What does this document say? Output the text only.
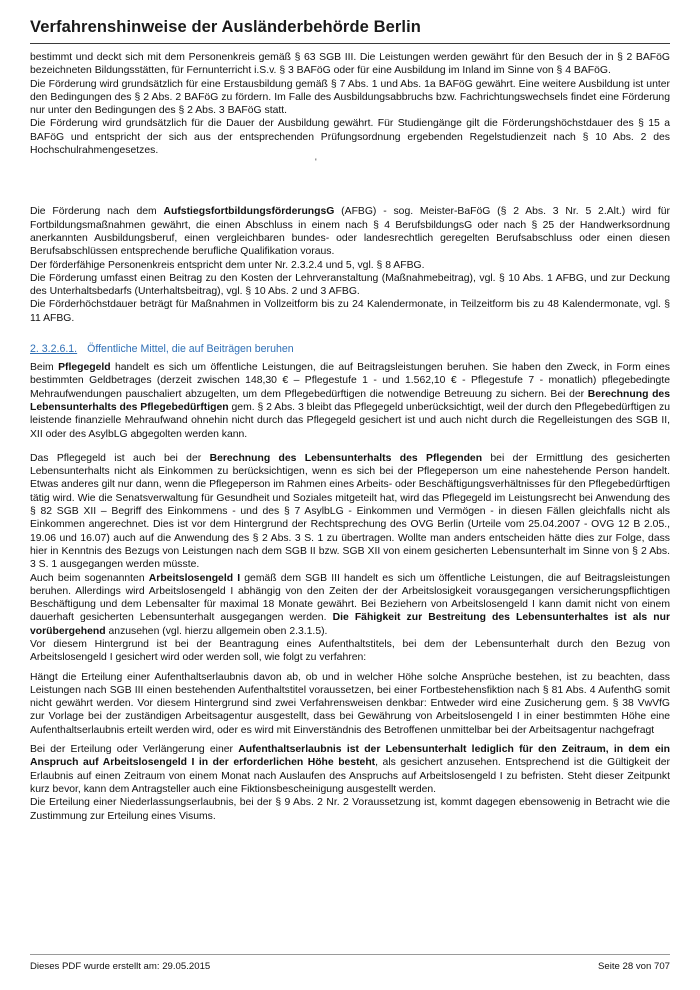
Verfahrenshinweise der Ausländerbehörde Berlin

bestimmt und deckt sich mit dem Personenkreis gemäß § 63 SGB III. Die Leistungen werden gewährt für den Besuch der in § 2 BAFöG bezeichneten Bildungsstätten, für Fernunterricht i.S.v. § 3 BAFöG oder für eine Ausbildung im Inland im Sinne von § 4 BAFöG.

Die Förderung wird grundsätzlich für eine Erstausbildung gemäß § 7 Abs. 1 und Abs. 1a BAFöG gewährt. Eine weitere Ausbildung ist unter den Bedingungen des § 2 Abs. 2 BAFöG zu fördern. Im Falle des Ausbildungsabbruchs bzw. Fachrichtungswechsels findet eine Förderung nur unter den Bedingungen des § 2 Abs. 3 BAFöG statt.

Die Förderung wird grundsätzlich für die Dauer der Ausbildung gewährt. Für Studiengänge gilt die Förderungshöchstdauer des § 15 a BAFöG und entspricht der sich aus der entsprechenden Prüfungsordnung ergebenden Regelstudienzeit nach § 10 Abs. 2 des Hochschulrahmengesetzes.

'

Die Förderung nach dem AufstiegsfortbildungsförderungsG (AFBG) - sog. Meister-BaFöG (§ 2 Abs. 3 Nr. 5 2.Alt.) wird für Fortbildungsmaßnahmen gewährt, die einen Abschluss in einem nach § 4 BerufsbildungsG oder nach § 25 der Handwerksordnung anerkannten Ausbildungsberuf, einen vergleichbaren bundes- oder landesrechtlich geregelten Berufsabschluss oder einen diesen Berufsabschlüssen entsprechende berufliche Qualifikation voraus.

Der förderfähige Personenkreis entspricht dem unter Nr. 2.3.2.4 und 5, vgl. § 8 AFBG.

Die Förderung umfasst einen Beitrag zu den Kosten der Lehrveranstaltung (Maßnahmebeitrag), vgl. § 10 Abs. 1 AFBG, und zur Deckung des Unterhaltsbedarfs (Unterhaltsbeitrag), vgl. § 10 Abs. 2 und 3 AFBG.

Die Förderhöchstdauer beträgt für Maßnahmen in Vollzeitform bis zu 24 Kalendermonate, in Teilzeitform bis zu 48 Kalendermonate, vgl. § 11 AFBG.

2. 3.2.6.1. Öffentliche Mittel, die auf Beiträgen beruhen

Beim Pflegegeld handelt es sich um öffentliche Leistungen, die auf Beitragsleistungen beruhen. Sie haben den Zweck, in Form eines bestimmten Geldbetrages (derzeit zwischen 148,30 € – Pflegestufe 1 - und 1.562,10 € - Pflegestufe 7 - monatlich) pflegebedingte Mehraufwendungen pauschaliert abzugelten, um dem Pflegebedürftigen die notwendige Betreuung zu sichern. Bei der Berechnung des Lebensunterhalts des Pflegebedürftigen gem. § 2 Abs. 3 bleibt das Pflegegeld unberücksichtigt, weil der durch den Pflegebedürftigen zu leistende finanzielle Mehraufwand ohnehin nicht durch das Pflegegeld gesichert ist und auch nicht durch die Regelleistungen des SGB II, XII oder des AsylbLG abgegolten werden kann.

Das Pflegegeld ist auch bei der Berechnung des Lebensunterhalts des Pflegenden bei der Ermittlung des gesicherten Lebensunterhalts nicht als Einkommen zu berücksichtigen, wenn es sich bei der Pflegeperson um eine nahestehende Person handelt. Etwas anderes gilt nur dann, wenn die Pflegeperson im Rahmen eines Arbeits- oder Beschäftigungsverhältnisses für den Pflegebedürftigen tätig wird. Wie die Senatsverwaltung für Gesundheit und Soziales mitgeteilt hat, wird das Pflegegeld im Leistungsrecht bei Anwendung des § 82 SGB XII – Begriff des Einkommens - und des § 7 AsylbLG - Einkommen und Vermögen - in diesen Fällen gleichfalls nicht als Einkommen angerechnet. Dies ist vor dem Hintergrund der Rechtsprechung des OVG Berlin (Urteile vom 25.04.2007 - OVG 12 B 2.05., 19.06 und 16.07) auch auf die Anwendung des § 2 Abs. 3 S. 1 zu übertragen. Wollte man anders entscheiden hätte dies zur Folge, dass hier in Kenntnis des Bezugs von Leistungen nach dem SGB II bzw. SGB XII von einem gesicherten Lebensunterhalt im Sinne von § 2 Abs. 3 S. 1 ausgegangen werden müsste.

Auch beim sogenannten Arbeitslosengeld I gemäß dem SGB III handelt es sich um öffentliche Leistungen, die auf Beitragsleistungen beruhen. Allerdings wird Arbeitslosengeld I abhängig von den Zeiten der der Arbeitslosigkeit vorausgegangen versicherungspflichtigen Beschäftigung und dem Lebensalter für maximal 18 Monate gewährt. Bei Beziehern von Arbeitslosengeld I kann damit nicht von einem dauerhaft gesicherten Lebensunterhalt ausgegangen werden. Die Fähigkeit zur Bestreitung des Lebensunterhaltes ist als nur vorübergehend anzusehen (vgl. hierzu allgemein oben 2.3.1.5).

Vor diesem Hintergrund ist bei der Beantragung eines Aufenthaltstitels, bei dem der Lebensunterhalt durch den Bezug von Arbeitslosengeld I gesichert wird oder werden soll, wie folgt zu verfahren:

Hängt die Erteilung einer Aufenthaltserlaubnis davon ab, ob und in welcher Höhe solche Ansprüche bestehen, ist zu beachten, dass Leistungen nach SGB III einen bestehenden Aufenthaltstitel voraussetzen, bei einer Fortbestehensfiktion nach § 81 Abs. 4 AufenthG somit nicht gewährt werden. Vor diesem Hintergrund sind zwei Verfahrensweisen denkbar: Entweder wird eine Zusicherung gem. § 38 VwVfG zur Vorlage bei der zuständigen Arbeitsagentur ausgestellt, dass bei Gewährung von Arbeitslosengeld I in einer bestimmten Höhe eine Aufenthaltserlaubnis erteilt werden wird, oder es wird mit Einverständnis des Betroffenen unmittelbar bei der Arbeitsagentur nachgefragt

Bei der Erteilung oder Verlängerung einer Aufenthaltserlaubnis ist der Lebensunterhalt lediglich für den Zeitraum, in dem ein Anspruch auf Arbeitslosengeld I in der erforderlichen Höhe besteht, als gesichert anzusehen. Entsprechend ist die Gültigkeit der Erlaubnis auf einen Zeitraum von einem Monat nach Auslaufen des Anspruchs auf Arbeitslosengeld I zu befristen. Steht dieser Zeitpunkt kurz bevor, kann dem Antragsteller auch eine Fiktionsbescheinigung ausgestellt werden.

Die Erteilung einer Niederlassungserlaubnis, bei der § 9 Abs. 2 Nr. 2 Voraussetzung ist, kommt dagegen ebensowenig in Betracht wie die Zustimmung zur Erteilung eines Visums.

Dieses PDF wurde erstellt am: 29.05.2015	Seite 28 von 707
